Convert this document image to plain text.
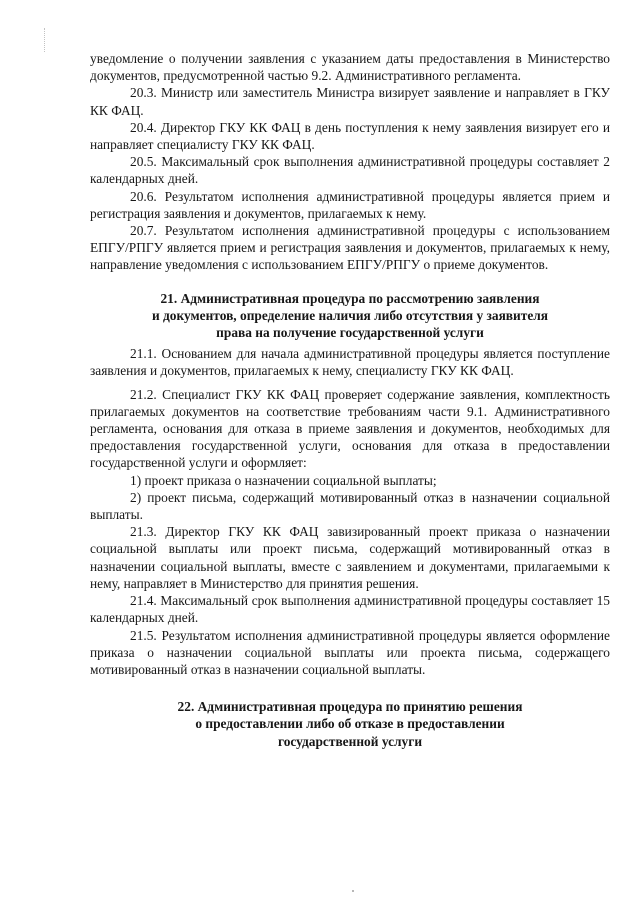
уведомление о получении заявления с указанием даты предоставления в Министерство документов, предусмотренной частью 9.2. Административного регламента.

20.3. Министр или заместитель Министра визирует заявление и направляет в ГКУ КК ФАЦ.

20.4. Директор ГКУ КК ФАЦ в день поступления к нему заявления визирует его и направляет специалисту ГКУ КК ФАЦ.

20.5. Максимальный срок выполнения административной процедуры составляет 2 календарных дней.

20.6. Результатом исполнения административной процедуры является прием и регистрация заявления и документов, прилагаемых к нему.

20.7. Результатом исполнения административной процедуры с использованием ЕПГУ/РПГУ является прием и регистрация заявления и документов, прилагаемых к нему, направление уведомления с использованием ЕПГУ/РПГУ о приеме документов.

21. Административная процедура по рассмотрению заявления
и документов, определение наличия либо отсутствия у заявителя
права на получение государственной услуги

21.1. Основанием для начала административной процедуры является поступление заявления и документов, прилагаемых к нему, специалисту ГКУ КК ФАЦ.

21.2. Специалист ГКУ КК ФАЦ проверяет содержание заявления, комплектность прилагаемых документов на соответствие требованиям части 9.1. Административного регламента, основания для отказа в приеме заявления и документов, необходимых для предоставления государственной услуги, основания для отказа в предоставлении государственной услуги и оформляет:

1) проект приказа о назначении социальной выплаты;

2) проект письма, содержащий мотивированный отказ в назначении социальной выплаты.

21.3. Директор ГКУ КК ФАЦ завизированный проект приказа о назначении социальной выплаты или проект письма, содержащий мотивированный отказ в назначении социальной выплаты, вместе с заявлением и документами, прилагаемыми к нему, направляет в Министерство для принятия решения.

21.4. Максимальный срок выполнения административной процедуры составляет 15 календарных дней.

21.5. Результатом исполнения административной процедуры является оформление приказа о назначении социальной выплаты или проекта письма, содержащего мотивированный отказ в назначении социальной выплаты.

22. Административная процедура по принятию решения
о предоставлении либо об отказе в предоставлении
государственной услуги
